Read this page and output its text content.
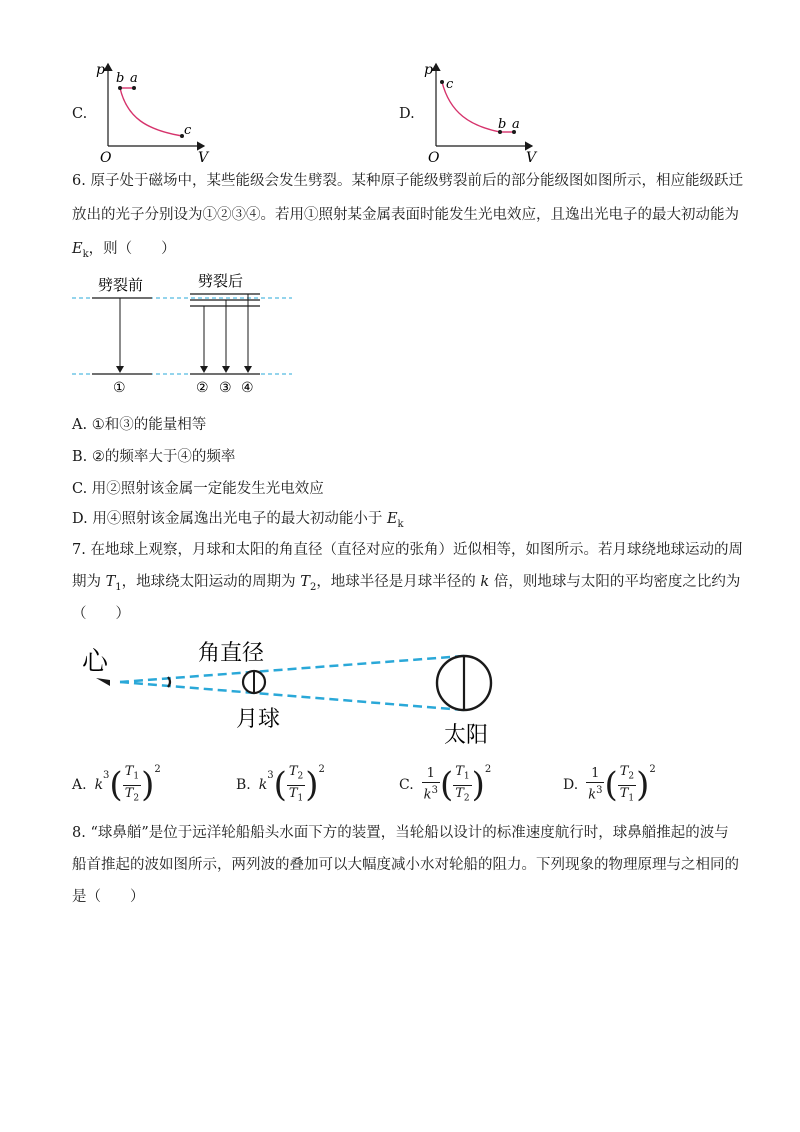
C.
p
b a
c
O	V
D.
p
c
b a
O	V
6. 原子处于磁场中，某些能级会发生劈裂。某种原子能级劈裂前后的部分能级图如图所示，相应能级跃迁
放出的光子分别设为①②③④。若用①照射某金属表面时能发生光电效应，且逸出光电子的最大初动能为
$E_k$，则（　　）
劈裂前	劈裂后
①	② ③ ④
A. ①和③的能量相等
B. ②的频率大于④的频率
C. 用②照射该金属一定能发生光电效应
D. 用④照射该金属逸出光电子的最大初动能小于 $E_k$
7. 在地球上观察，月球和太阳的角直径（直径对应的张角）近似相等，如图所示。若月球绕地球运动的周
期为 $T_1$，地球绕太阳运动的周期为 $T_2$，地球半径是月球半径的 k 倍，则地球与太阳的平均密度之比约为
（　　）
心	角直径
月球
太阳
A. k
3 ( $\frac{T_1}{T_2}$ ) 2
B. k
3 ( $\frac{T_2}{T_1}$ ) 2
C. $\frac{1}{k^3}$ ( $\frac{T_1}{T_2}$ ) 2
D. $\frac{1}{k^3}$ ( $\frac{T_2}{T_1}$ ) 2
8. “球鼻艏”是位于远洋轮船船头水面下方的装置，当轮船以设计的标准速度航行时，球鼻艏推起的波与
船首推起的波如图所示，两列波的叠加可以大幅度减小水对轮船的阻力。下列现象的物理原理与之相同的
是（　　）
